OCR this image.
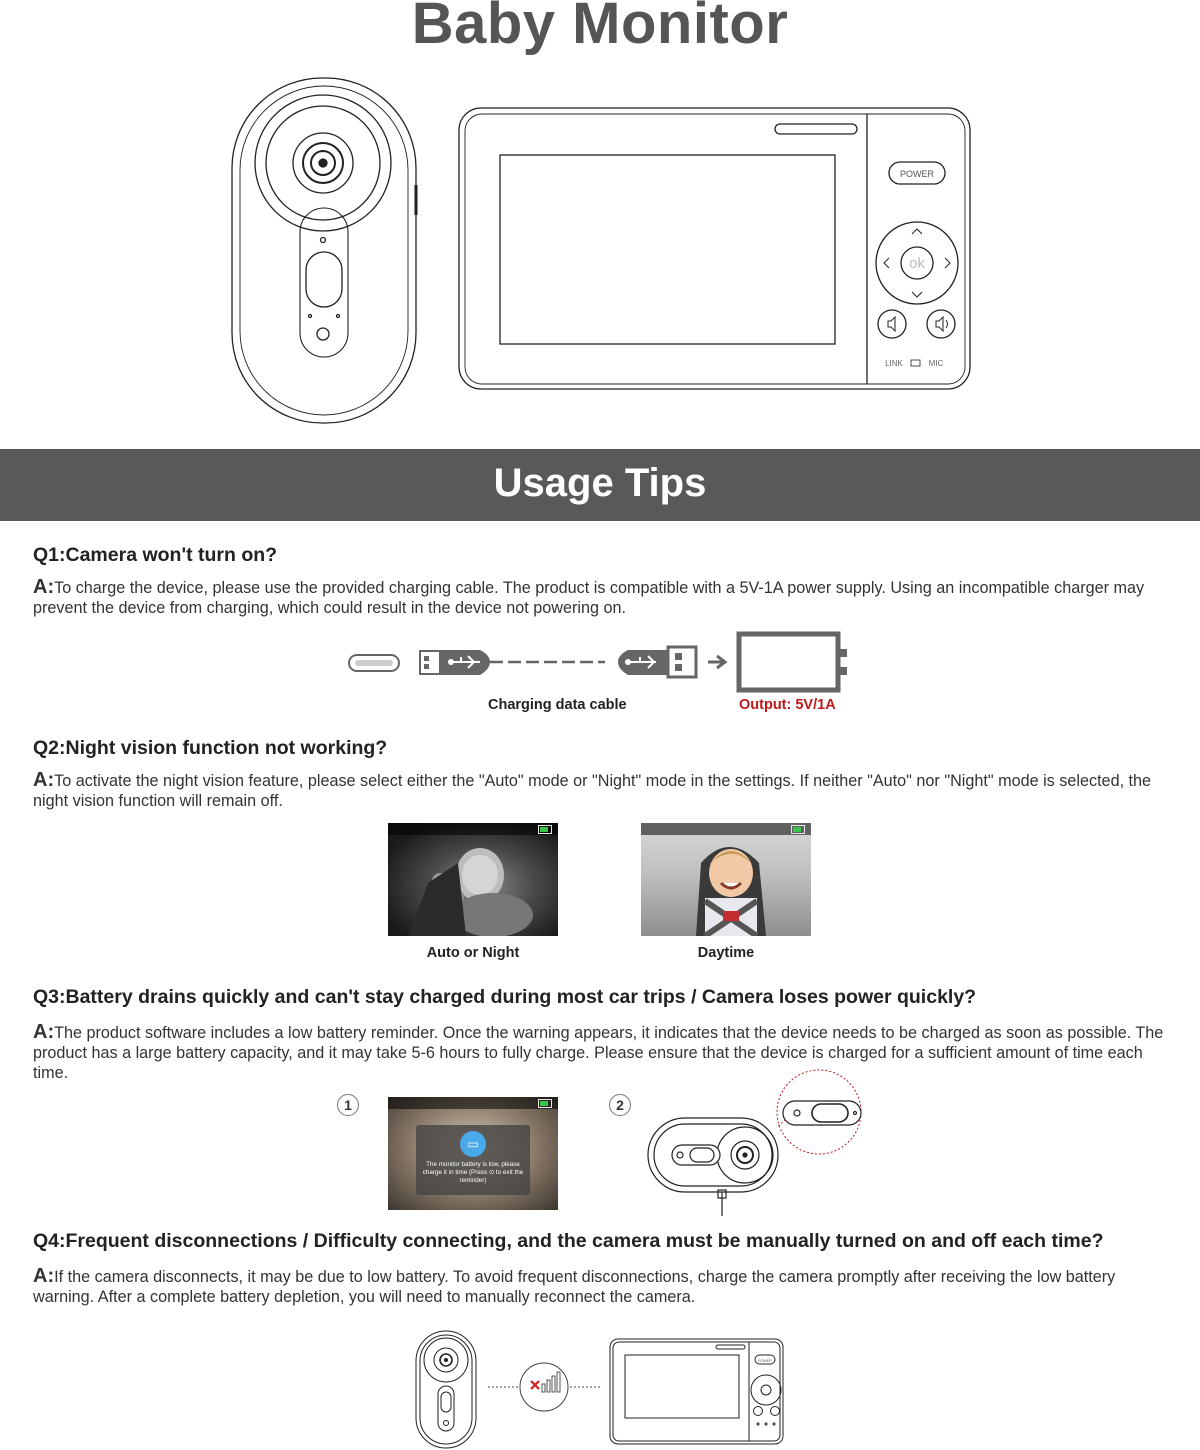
Baby Monitor
POWER
ok
LINK	MIC
Usage Tips
Q1:Camera won't turn on?
A:To charge the device, please use the provided charging cable. The product is compatible with a 5V-1A power supply. Using an incompatible charger may prevent the device from charging, which could result in the device not powering on.
Charging data cable	Output: 5V/1A
Q2:Night vision function not working?
A:To activate the night vision feature, please select either the "Auto" mode or "Night" mode in the settings. If neither "Auto" nor "Night" mode is selected, the night vision function will remain off.
Auto or Night	Daytime
Q3:Battery drains quickly and can't stay charged during most car trips / Camera loses power quickly?
A:The product software includes a low battery reminder. Once the warning appears, it indicates that the device needs to be charged as soon as possible. The product has a large battery capacity, and it may take 5-6 hours to fully charge. Please ensure that the device is charged for a sufficient amount of time each time.
1
▭
The monitor battery is low, please charge it in time (Press ⊙ to exit the reminder)
2
Q4:Frequent disconnections / Difficulty connecting, and the camera must be manually turned on and off each time?
A:If the camera disconnects, it may be due to low battery. To avoid frequent disconnections, charge the camera promptly after receiving the low battery warning. After a complete battery depletion, you will need to manually reconnect the camera.
POWER
